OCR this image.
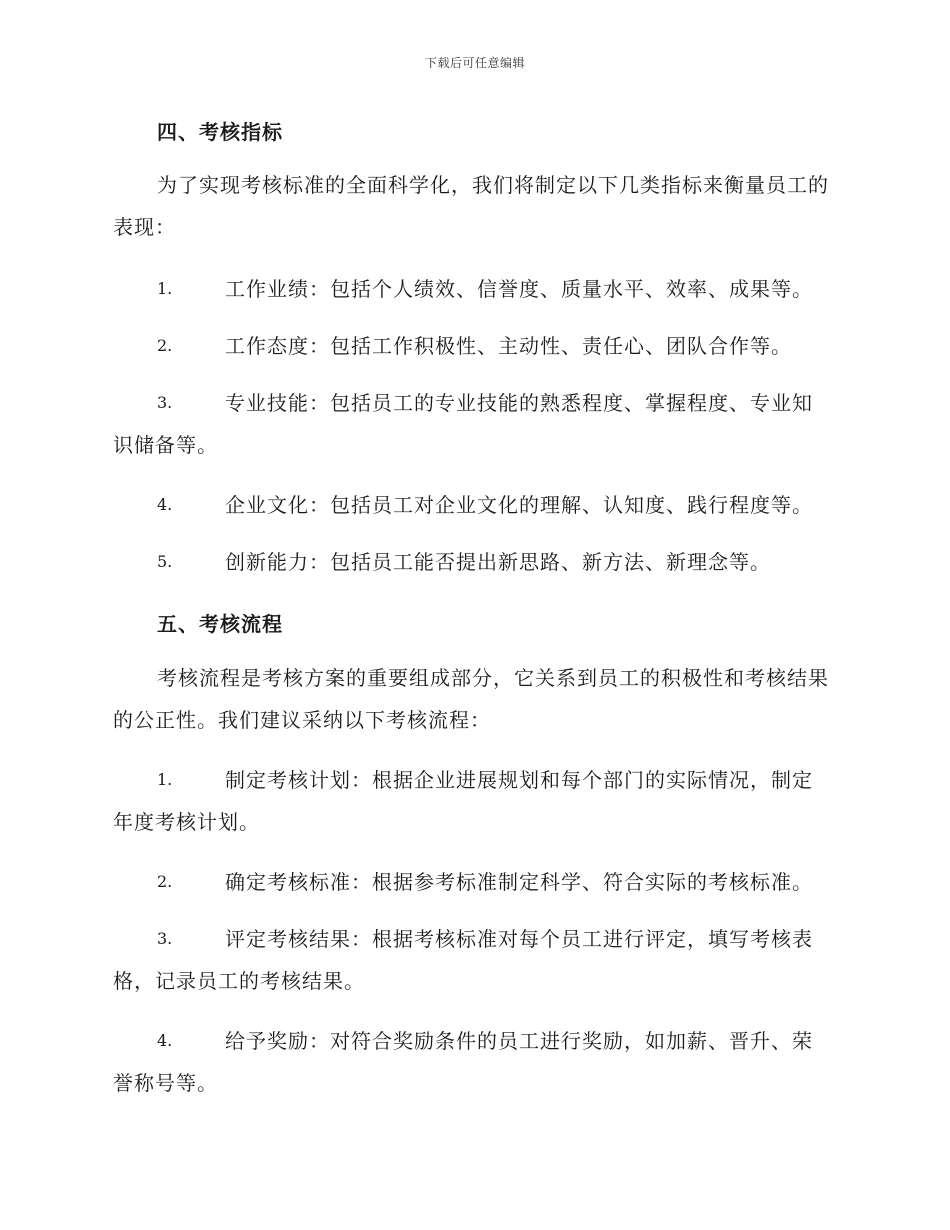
下载后可任意编辑
四、考核指标
为了实现考核标准的全面科学化，我们将制定以下几类指标来衡量员工的表现：
1.	工作业绩：包括个人绩效、信誉度、质量水平、效率、成果等。
2.	工作态度：包括工作积极性、主动性、责任心、团队合作等。
3.	专业技能：包括员工的专业技能的熟悉程度、掌握程度、专业知识储备等。
4.	企业文化：包括员工对企业文化的理解、认知度、践行程度等。
5.	创新能力：包括员工能否提出新思路、新方法、新理念等。
五、考核流程
考核流程是考核方案的重要组成部分，它关系到员工的积极性和考核结果的公正性。我们建议采纳以下考核流程：
1.	制定考核计划：根据企业进展规划和每个部门的实际情况，制定年度考核计划。
2.	确定考核标准：根据参考标准制定科学、符合实际的考核标准。
3.	评定考核结果：根据考核标准对每个员工进行评定，填写考核表格，记录员工的考核结果。
4.	给予奖励：对符合奖励条件的员工进行奖励，如加薪、晋升、荣誉称号等。
